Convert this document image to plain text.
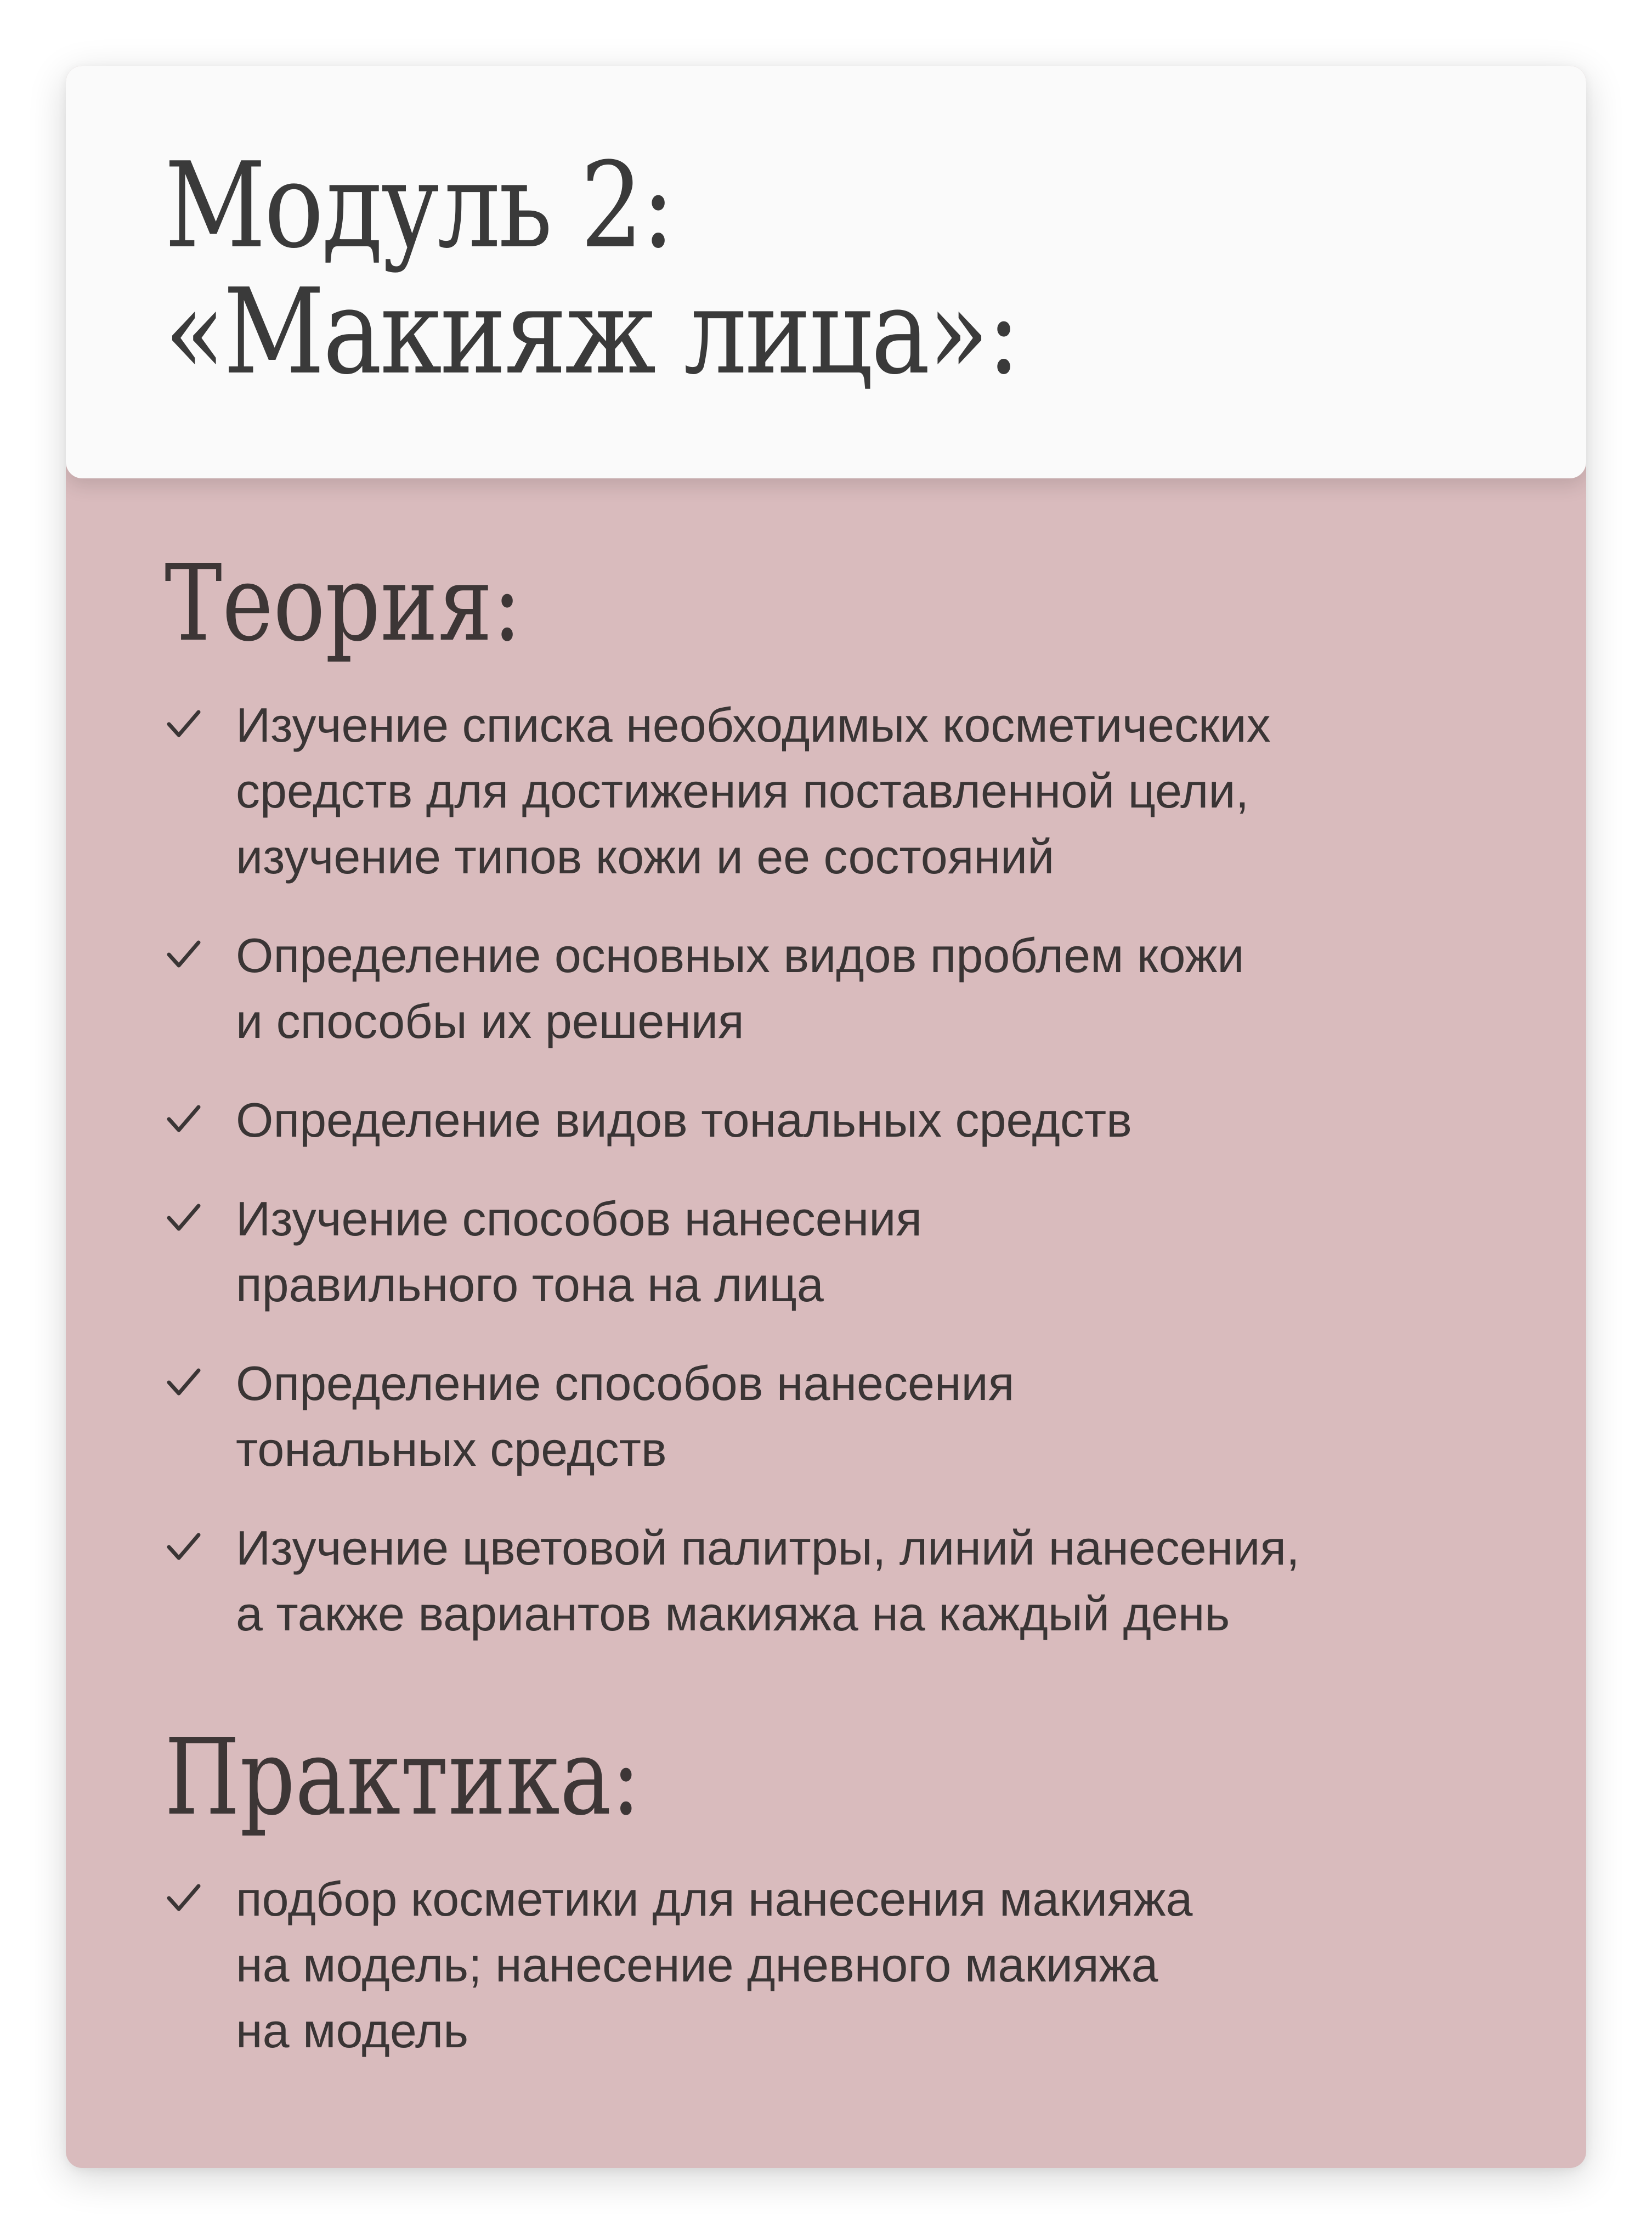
Модуль 2:
«Макияж лица»:
Теория:
Изучение списка необходимых косметических
средств для достижения поставленной цели,
изучение типов кожи и ее состояний
Определение основных видов проблем кожи
и способы их решения
Определение видов тональных средств
Изучение способов нанесения
правильного тона на лица
Определение способов нанесения
тональных средств
Изучение цветовой палитры, линий нанесения,
а также вариантов макияжа на каждый день
Практика:
подбор косметики для нанесения макияжа
на модель; нанесение дневного макияжа
на модель
